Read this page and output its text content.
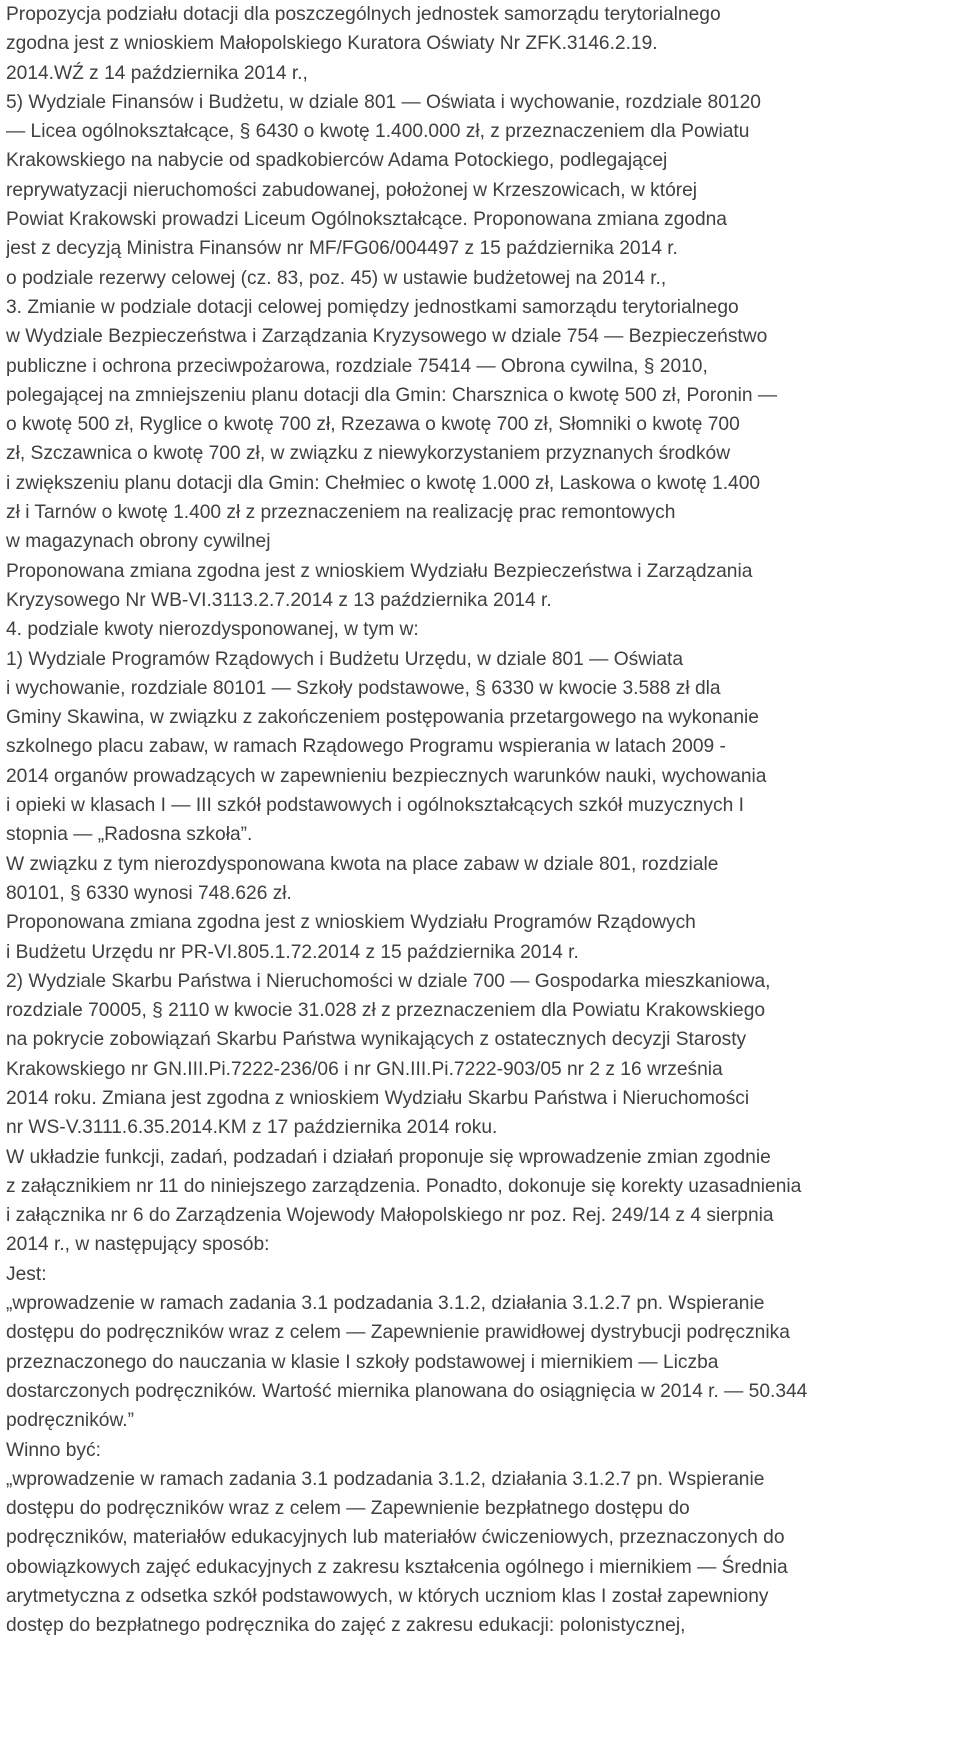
Propozycja podziału dotacji dla poszczególnych jednostek samorządu terytorialnego
zgodna jest z wnioskiem Małopolskiego Kuratora Oświaty Nr ZFK.3146.2.19.
2014.WŹ z 14 października 2014 r.,
5) Wydziale Finansów i Budżetu, w dziale 801 — Oświata i wychowanie, rozdziale 80120
— Licea ogólnokształcące, § 6430 o kwotę 1.400.000 zł, z przeznaczeniem dla Powiatu
Krakowskiego na nabycie od spadkobierców Adama Potockiego, podlegającej
reprywatyzacji nieruchomości zabudowanej, położonej w Krzeszowicach, w której
Powiat Krakowski prowadzi Liceum Ogólnokształcące. Proponowana zmiana zgodna
jest z decyzją Ministra Finansów nr MF/FG06/004497 z 15 października 2014 r.
o podziale rezerwy celowej (cz. 83, poz. 45) w ustawie budżetowej na 2014 r.,
3. Zmianie w podziale dotacji celowej pomiędzy jednostkami samorządu terytorialnego
w Wydziale Bezpieczeństwa i Zarządzania Kryzysowego w dziale 754 — Bezpieczeństwo
publiczne i ochrona przeciwpożarowa, rozdziale 75414 — Obrona cywilna, § 2010,
polegającej na zmniejszeniu planu dotacji dla Gmin: Charsznica o kwotę 500 zł, Poronin —
o kwotę 500 zł, Ryglice o kwotę 700 zł, Rzezawa o kwotę 700 zł, Słomniki o kwotę 700
zł, Szczawnica o kwotę 700 zł, w związku z niewykorzystaniem przyznanych środków
i zwiększeniu planu dotacji dla Gmin: Chełmiec o kwotę 1.000 zł, Laskowa o kwotę 1.400
zł i Tarnów o kwotę 1.400 zł z przeznaczeniem na realizację prac remontowych
w magazynach obrony cywilnej
Proponowana zmiana zgodna jest z wnioskiem Wydziału Bezpieczeństwa i Zarządzania
Kryzysowego Nr WB-VI.3113.2.7.2014 z 13 października 2014 r.
4. podziale kwoty nierozdysponowanej, w tym w:
1) Wydziale Programów Rządowych i Budżetu Urzędu, w dziale 801 — Oświata
i wychowanie, rozdziale 80101 — Szkoły podstawowe, § 6330 w kwocie 3.588 zł dla
Gminy Skawina, w związku z zakończeniem postępowania przetargowego na wykonanie
szkolnego placu zabaw, w ramach Rządowego Programu wspierania w latach 2009 -
2014 organów prowadzących w zapewnieniu bezpiecznych warunków nauki, wychowania
i opieki w klasach I — III szkół podstawowych i ogólnokształcących szkół muzycznych I
stopnia — „Radosna szkoła”.
W związku z tym nierozdysponowana kwota na place zabaw w dziale 801, rozdziale
80101, § 6330 wynosi 748.626 zł.
Proponowana zmiana zgodna jest z wnioskiem Wydziału Programów Rządowych
i Budżetu Urzędu nr PR-VI.805.1.72.2014 z 15 października 2014 r.
2) Wydziale Skarbu Państwa i Nieruchomości w dziale 700 — Gospodarka mieszkaniowa,
rozdziale 70005, § 2110 w kwocie 31.028 zł z przeznaczeniem dla Powiatu Krakowskiego
na pokrycie zobowiązań Skarbu Państwa wynikających z ostatecznych decyzji Starosty
Krakowskiego nr GN.III.Pi.7222-236/06 i nr GN.III.Pi.7222-903/05 nr 2 z 16 września
2014 roku. Zmiana jest zgodna z wnioskiem Wydziału Skarbu Państwa i Nieruchomości
nr WS-V.3111.6.35.2014.KM z 17 października 2014 roku.
W układzie funkcji, zadań, podzadań i działań proponuje się wprowadzenie zmian zgodnie
z załącznikiem nr 11 do niniejszego zarządzenia. Ponadto, dokonuje się korekty uzasadnienia
i załącznika nr 6 do Zarządzenia Wojewody Małopolskiego nr poz. Rej. 249/14 z 4 sierpnia
2014 r., w następujący sposób:
Jest:
„wprowadzenie w ramach zadania 3.1 podzadania 3.1.2, działania 3.1.2.7 pn. Wspieranie
dostępu do podręczników wraz z celem — Zapewnienie prawidłowej dystrybucji podręcznika
przeznaczonego do nauczania w klasie I szkoły podstawowej i miernikiem — Liczba
dostarczonych podręczników. Wartość miernika planowana do osiągnięcia w 2014 r. — 50.344
podręczników.”
Winno być:
„wprowadzenie w ramach zadania 3.1 podzadania 3.1.2, działania 3.1.2.7 pn. Wspieranie
dostępu do podręczników wraz z celem — Zapewnienie bezpłatnego dostępu do
podręczników, materiałów edukacyjnych lub materiałów ćwiczeniowych, przeznaczonych do
obowiązkowych zajęć edukacyjnych z zakresu kształcenia ogólnego i miernikiem — Średnia
arytmetyczna z odsetka szkół podstawowych, w których uczniom klas I został zapewniony
dostęp do bezpłatnego podręcznika do zajęć z zakresu edukacji: polonistycznej,
